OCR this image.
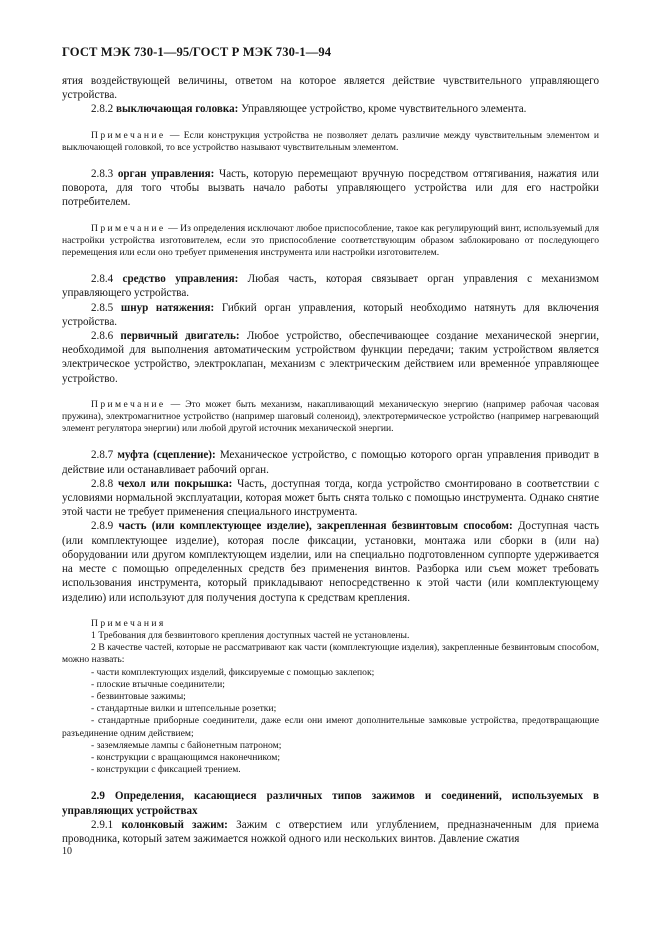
ГОСТ МЭК 730-1—95/ГОСТ Р МЭК 730-1—94

ятия воздействующей величины, ответом на которое является действие чувствительного управляющего устройства.

2.8.2 выключающая головка: Управляющее устройство, кроме чувствительного элемента.

Примечание — Если конструкция устройства не позволяет делать различие между чувствительным элементом и выключающей головкой, то все устройство называют чувствительным элементом.

2.8.3 орган управления: Часть, которую перемещают вручную посредством оттягивания, нажатия или поворота, для того чтобы вызвать начало работы управляющего устройства или для его настройки потребителем.

Примечание — Из определения исключают любое приспособление, такое как регулирующий винт, используемый для настройки устройства изготовителем, если это приспособление соответствующим образом заблокировано от последующего перемещения или если оно требует применения инструмента или настройки изготовителем.

2.8.4 средство управления: Любая часть, которая связывает орган управления с механизмом управляющего устройства.

2.8.5 шнур натяжения: Гибкий орган управления, который необходимо натянуть для включения устройства.

2.8.6 первичный двигатель: Любое устройство, обеспечивающее создание механической энергии, необходимой для выполнения автоматическим устройством функции передачи; таким устройством является электрическое устройство, электроклапан, механизм с электрическим действием или временно́е управляющее устройство.

Примечание — Это может быть механизм, накапливающий механическую энергию (например рабочая часовая пружина), электромагнитное устройство (например шаговый соленоид), электротермическое устройство (например нагревающий элемент регулятора энергии) или любой другой источник механической энергии.

2.8.7 муфта (сцепление): Механическое устройство, с помощью которого орган управления приводит в действие или останавливает рабочий орган.

2.8.8 чехол или покрышка: Часть, доступная тогда, когда устройство смонтировано в соответствии с условиями нормальной эксплуатации, которая может быть снята только с помощью инструмента. Однако снятие этой части не требует применения специального инструмента.

2.8.9 часть (или комплектующее изделие), закрепленная безвинтовым способом: Доступная часть (или комплектующее изделие), которая после фиксации, установки, монтажа или сборки в (или на) оборудовании или другом комплектующем изделии, или на специально подготовленном суппорте удерживается на месте с помощью определенных средств без применения винтов. Разборка или съем может требовать использования инструмента, который прикладывают непосредственно к этой части (или комплектующему изделию) или используют для получения доступа к средствам крепления.

Примечания

1 Требования для безвинтового крепления доступных частей не установлены.

2 В качестве частей, которые не рассматривают как части (комплектующие изделия), закрепленные безвинтовым способом, можно назвать:

- части комплектующих изделий, фиксируемые с помощью заклепок;
- плоские втычные соединители;
- безвинтовые зажимы;
- стандартные вилки и штепсельные розетки;
- стандартные приборные соединители, даже если они имеют дополнительные замковые устройства, предотвращающие разъединение одним действием;
- заземляемые лампы с байонетным патроном;
- конструкции с вращающимся наконечником;
- конструкции с фиксацией трением.

2.9 Определения, касающиеся различных типов зажимов и соединений, используемых в управляющих устройствах

2.9.1 колонковый зажим: Зажим с отверстием или углублением, предназначенным для приема проводника, который затем зажимается ножкой одного или нескольких винтов. Давление сжатия

10
